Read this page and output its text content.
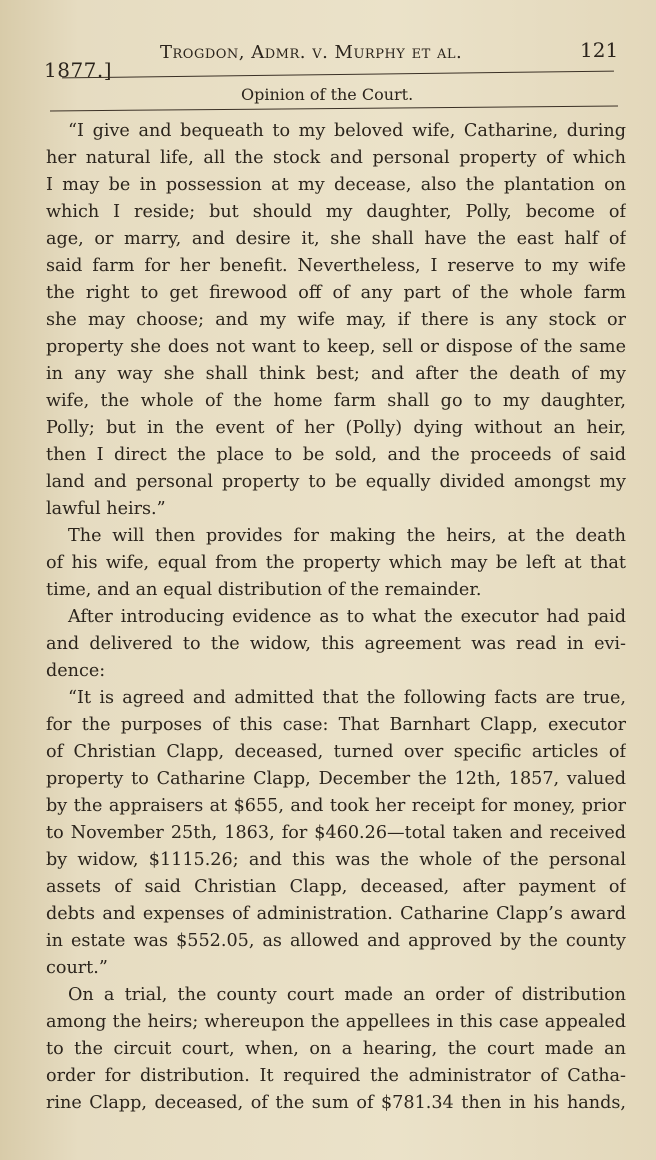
1877.]
Trogdon, Admr. v. Murphy et al.	121
Opinion of the Court.
“I give and bequeath to my beloved wife, Catharine, during
her natural life, all the stock and personal property of which
I may be in possession at my decease, also the plantation on
which I reside; but should my daughter, Polly, become of
age, or marry, and desire it, she shall have the east half of
said farm for her benefit. Nevertheless, I reserve to my wife
the right to get firewood off of any part of the whole farm
she may choose; and my wife may, if there is any stock or
property she does not want to keep, sell or dispose of the same
in any way she shall think best; and after the death of my
wife, the whole of the home farm shall go to my daughter,
Polly; but in the event of her (Polly) dying without an heir,
then I direct the place to be sold, and the proceeds of said
land and personal property to be equally divided amongst my
lawful heirs.”
The will then provides for making the heirs, at the death
of his wife, equal from the property which may be left at that
time, and an equal distribution of the remainder.
After introducing evidence as to what the executor had paid
and delivered to the widow, this agreement was read in evi-
dence:
“It is agreed and admitted that the following facts are true,
for the purposes of this case: That Barnhart Clapp, executor
of Christian Clapp, deceased, turned over specific articles of
property to Catharine Clapp, December the 12th, 1857, valued
by the appraisers at $655, and took her receipt for money, prior
to November 25th, 1863, for $460.26—total taken and received
by widow, $1115.26; and this was the whole of the personal
assets of said Christian Clapp, deceased, after payment of
debts and expenses of administration. Catharine Clapp’s award
in estate was $552.05, as allowed and approved by the county
court.”
On a trial, the county court made an order of distribution
among the heirs; whereupon the appellees in this case appealed
to the circuit court, when, on a hearing, the court made an
order for distribution. It required the administrator of Catha-
rine Clapp, deceased, of the sum of $781.34 then in his hands,
